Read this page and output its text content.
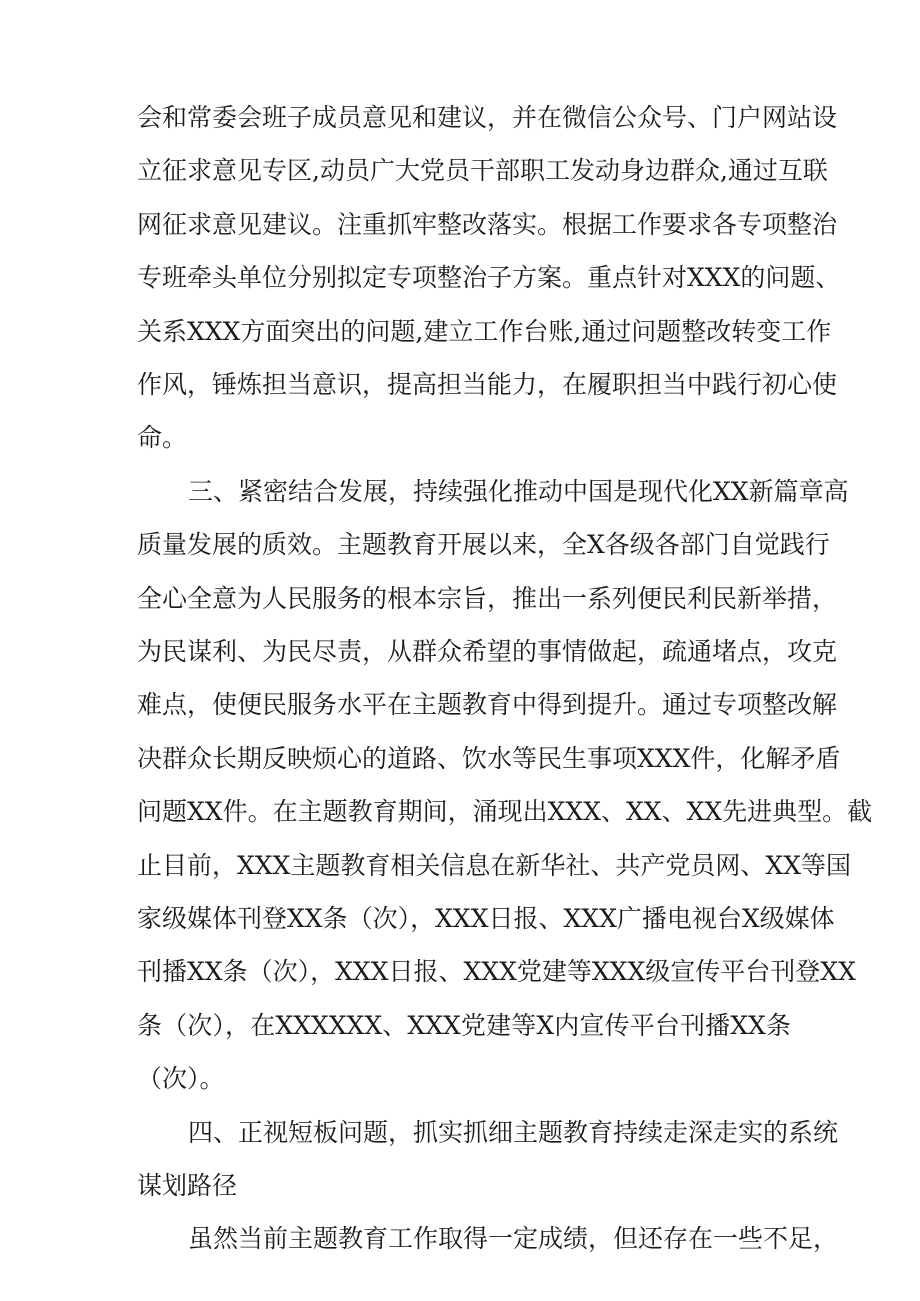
会和常委会班子成员意见和建议，并在微信公众号、门户网站设
立征求意见专区,动员广大党员干部职工发动身边群众,通过互联
网征求意见建议。注重抓牢整改落实。根据工作要求各专项整治
专班牵头单位分别拟定专项整治子方案。重点针对XXX的问题、
关系XXX方面突出的问题,建立工作台账,通过问题整改转变工作
作风，锤炼担当意识，提高担当能力，在履职担当中践行初心使
命。
三、紧密结合发展，持续强化推动中国是现代化XX新篇章高
质量发展的质效。主题教育开展以来，全X各级各部门自觉践行
全心全意为人民服务的根本宗旨，推出一系列便民利民新举措，
为民谋利、为民尽责，从群众希望的事情做起，疏通堵点，攻克
难点，使便民服务水平在主题教育中得到提升。通过专项整改解
决群众长期反映烦心的道路、饮水等民生事项XXX件，化解矛盾
问题XX件。在主题教育期间，涌现出XXX、XX、XX先进典型。截
止目前，XXX主题教育相关信息在新华社、共产党员网、XX等国
家级媒体刊登XX条（次），XXX日报、XXX广播电视台X级媒体
刊播XX条（次），XXX日报、XXX党建等XXX级宣传平台刊登XX
条（次），在XXXXXX、XXX党建等X内宣传平台刊播XX条
（次）。
四、正视短板问题，抓实抓细主题教育持续走深走实的系统
谋划路径
虽然当前主题教育工作取得一定成绩，但还存在一些不足，
